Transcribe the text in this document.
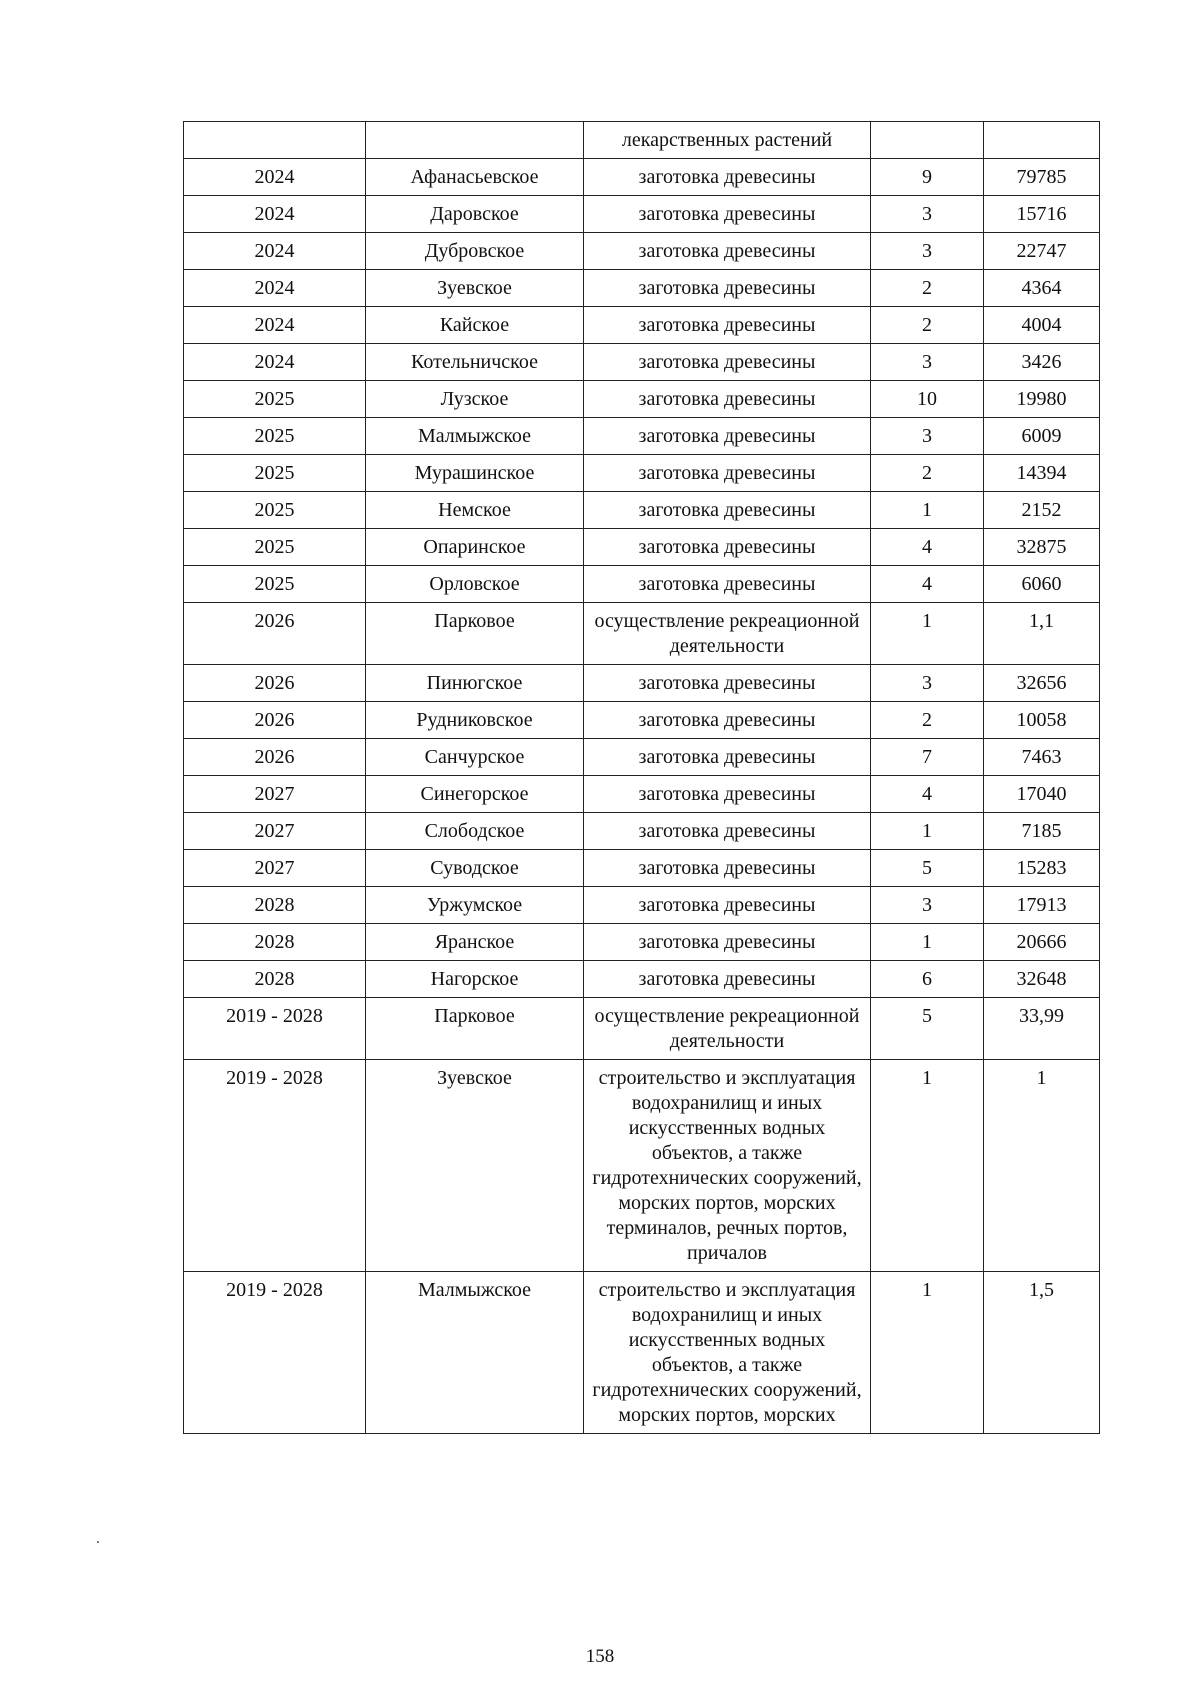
		лекарственных растений		
2024	Афанасьевское	заготовка древесины	9	79785
2024	Даровское	заготовка древесины	3	15716
2024	Дубровское	заготовка древесины	3	22747
2024	Зуевское	заготовка древесины	2	4364
2024	Кайское	заготовка древесины	2	4004
2024	Котельничское	заготовка древесины	3	3426
2025	Лузское	заготовка древесины	10	19980
2025	Малмыжское	заготовка древесины	3	6009
2025	Мурашинское	заготовка древесины	2	14394
2025	Немское	заготовка древесины	1	2152
2025	Опаринское	заготовка древесины	4	32875
2025	Орловское	заготовка древесины	4	6060
2026	Парковое	осуществление рекреационной деятельности	1	1,1
2026	Пинюгское	заготовка древесины	3	32656
2026	Рудниковское	заготовка древесины	2	10058
2026	Санчурское	заготовка древесины	7	7463
2027	Синегорское	заготовка древесины	4	17040
2027	Слободское	заготовка древесины	1	7185
2027	Суводское	заготовка древесины	5	15283
2028	Уржумское	заготовка древесины	3	17913
2028	Яранское	заготовка древесины	1	20666
2028	Нагорское	заготовка древесины	6	32648
2019 - 2028	Парковое	осуществление рекреационной деятельности	5	33,99
2019 - 2028	Зуевское	строительство и эксплуатация водохранилищ и иных искусственных водных объектов, а также гидротехнических сооружений, морских портов, морских терминалов, речных портов, причалов	1	1
2019 - 2028	Малмыжское	строительство и эксплуатация водохранилищ и иных искусственных водных объектов, а также гидротехнических сооружений, морских портов, морских	1	1,5
158
